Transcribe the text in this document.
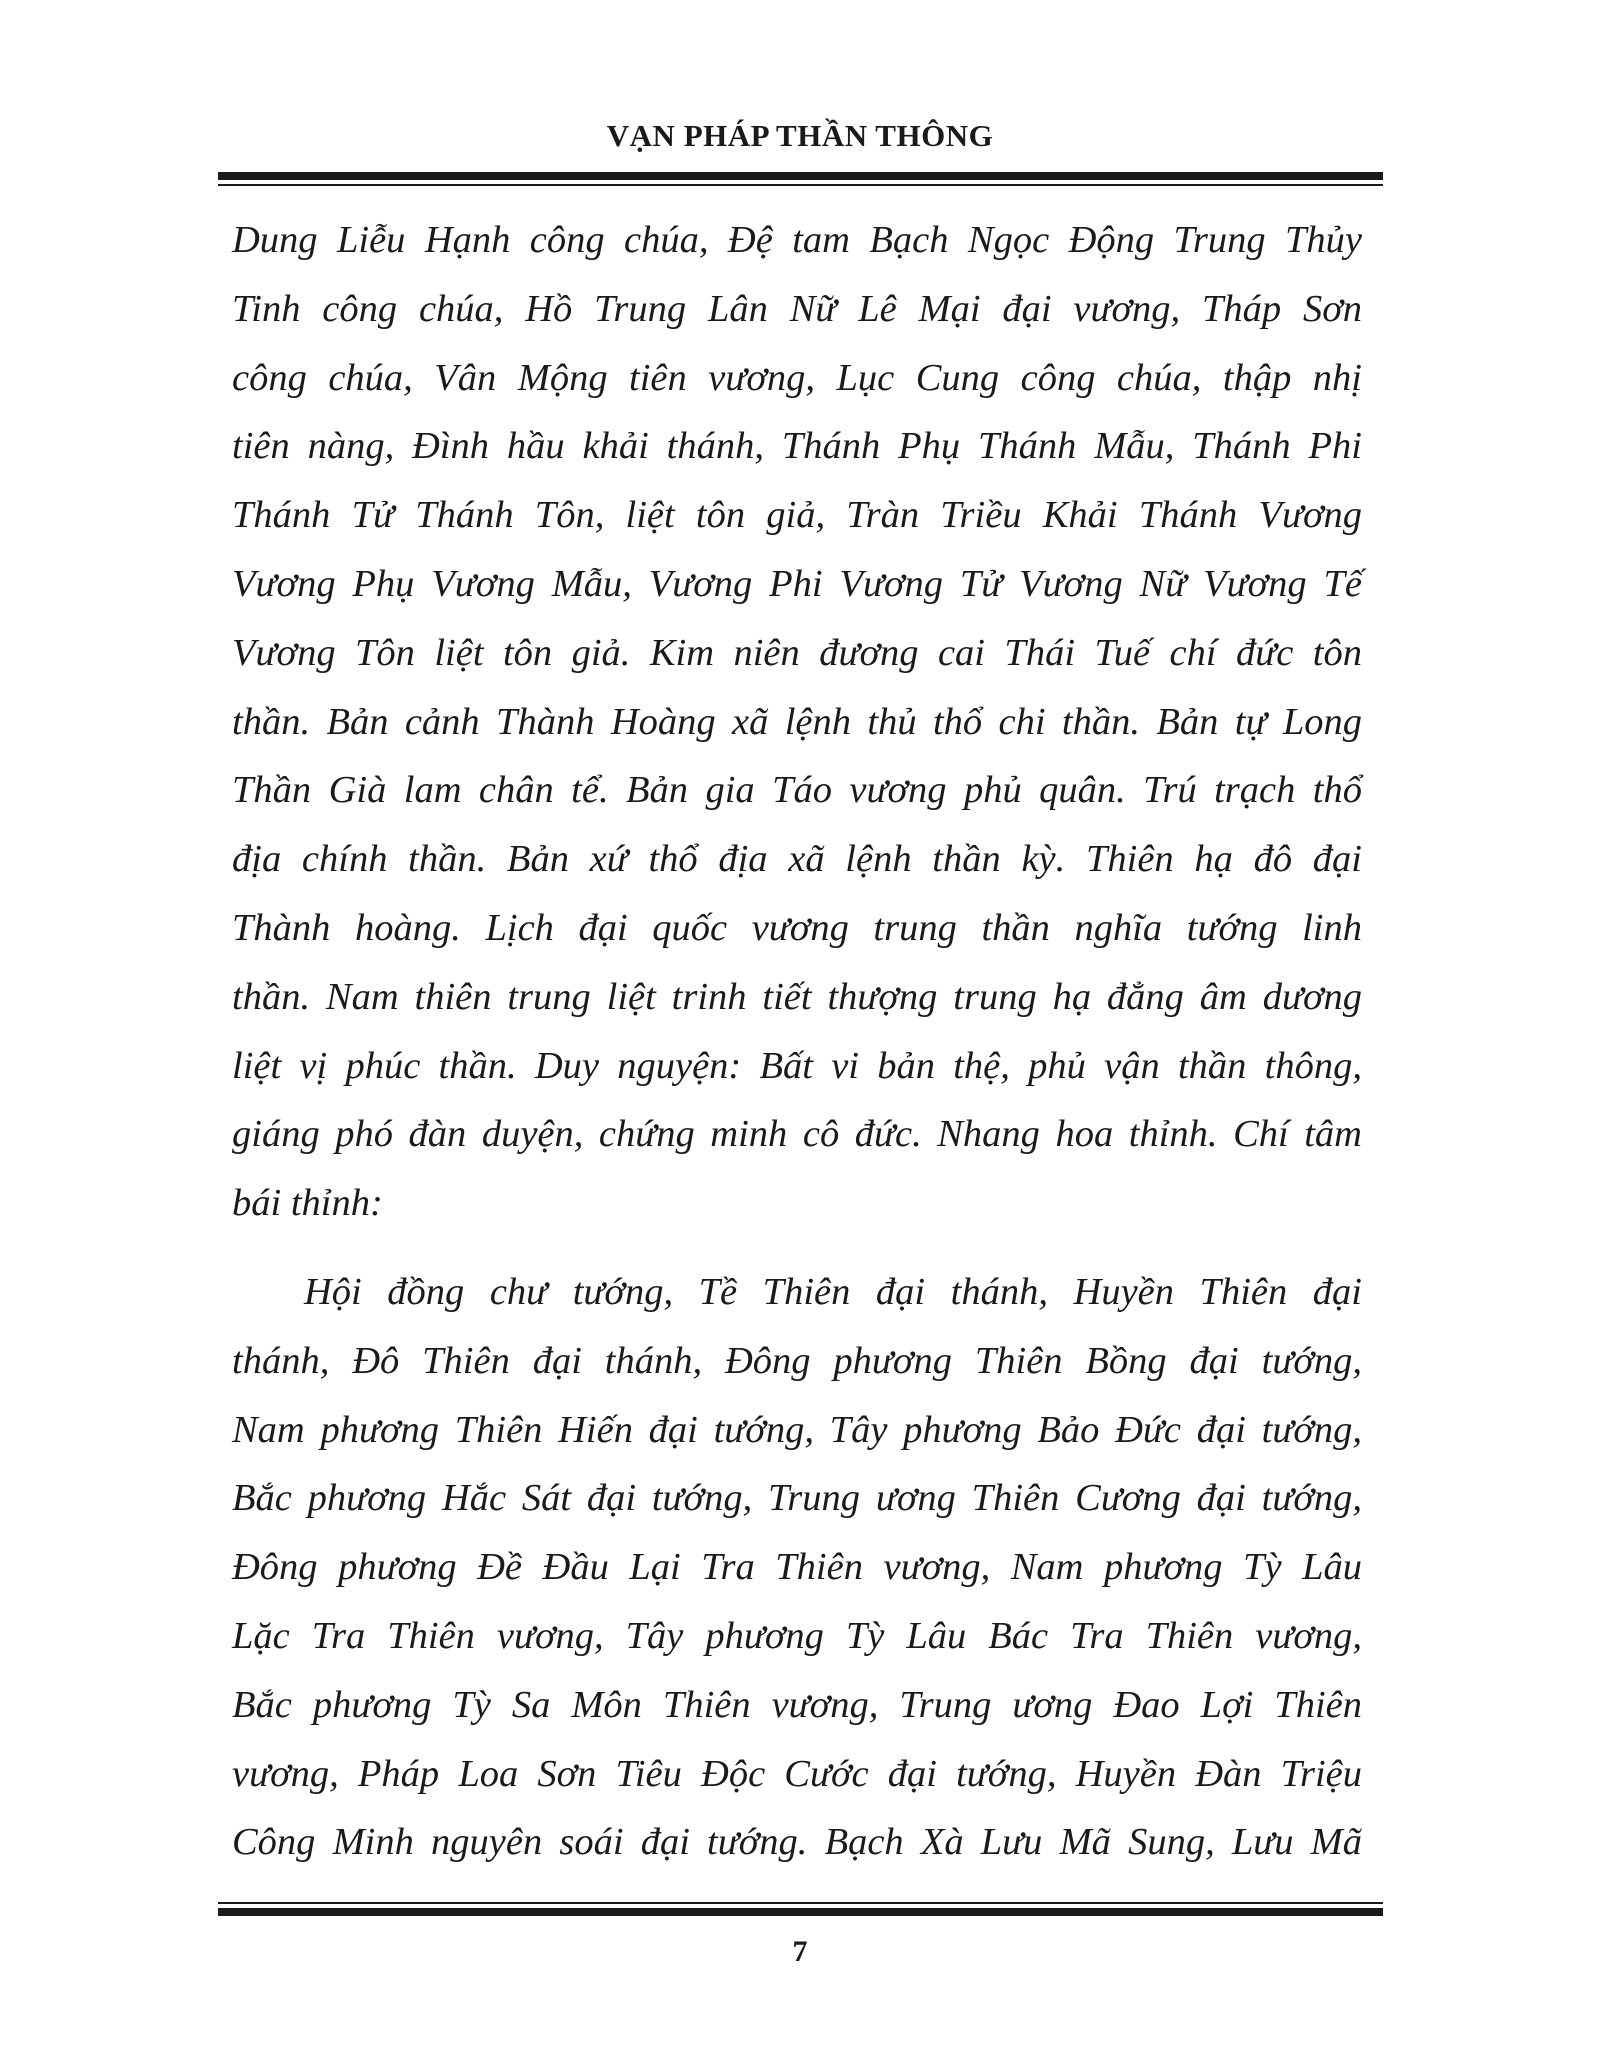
VẠN PHÁP THẦN THÔNG
Dung Liễu Hạnh công chúa, Đệ tam Bạch Ngọc Động Trung Thủy
Tinh công chúa, Hồ Trung Lân Nữ Lê Mại đại vương, Tháp Sơn
công chúa, Vân Mộng tiên vương, Lục Cung công chúa, thập nhị
tiên nàng, Đình hầu khải thánh, Thánh Phụ Thánh Mẫu, Thánh Phi
Thánh Tử Thánh Tôn, liệt tôn giả, Tràn Triều Khải Thánh Vương
Vương Phụ Vương Mẫu, Vương Phi Vương Tử Vương Nữ Vương Tế
Vương Tôn liệt tôn giả. Kim niên đương cai Thái Tuế chí đức tôn
thần. Bản cảnh Thành Hoàng xã lệnh thủ thổ chi thần. Bản tự Long
Thần Già lam chân tể. Bản gia Táo vương phủ quân. Trú trạch thổ
địa chính thần. Bản xứ thổ địa xã lệnh thần kỳ. Thiên hạ đô đại
Thành hoàng. Lịch đại quốc vương trung thần nghĩa tướng linh
thần. Nam thiên trung liệt trinh tiết thượng trung hạ đẳng âm dương
liệt vị phúc thần. Duy nguyện: Bất vi bản thệ, phủ vận thần thông,
giáng phó đàn duyện, chứng minh cô đức. Nhang hoa thỉnh. Chí tâm
bái thỉnh:
Hội đồng chư tướng, Tề Thiên đại thánh, Huyền Thiên đại
thánh, Đô Thiên đại thánh, Đông phương Thiên Bồng đại tướng,
Nam phương Thiên Hiến đại tướng, Tây phương Bảo Đức đại tướng,
Bắc phương Hắc Sát đại tướng, Trung ương Thiên Cương đại tướng,
Đông phương Đề Đầu Lại Tra Thiên vương, Nam phương Tỳ Lâu
Lặc Tra Thiên vương, Tây phương Tỳ Lâu Bác Tra Thiên vương,
Bắc phương Tỳ Sa Môn Thiên vương, Trung ương Đao Lợi Thiên
vương, Pháp Loa Sơn Tiêu Độc Cước đại tướng, Huyền Đàn Triệu
Công Minh nguyên soái đại tướng. Bạch Xà Lưu Mã Sung, Lưu Mã
7
